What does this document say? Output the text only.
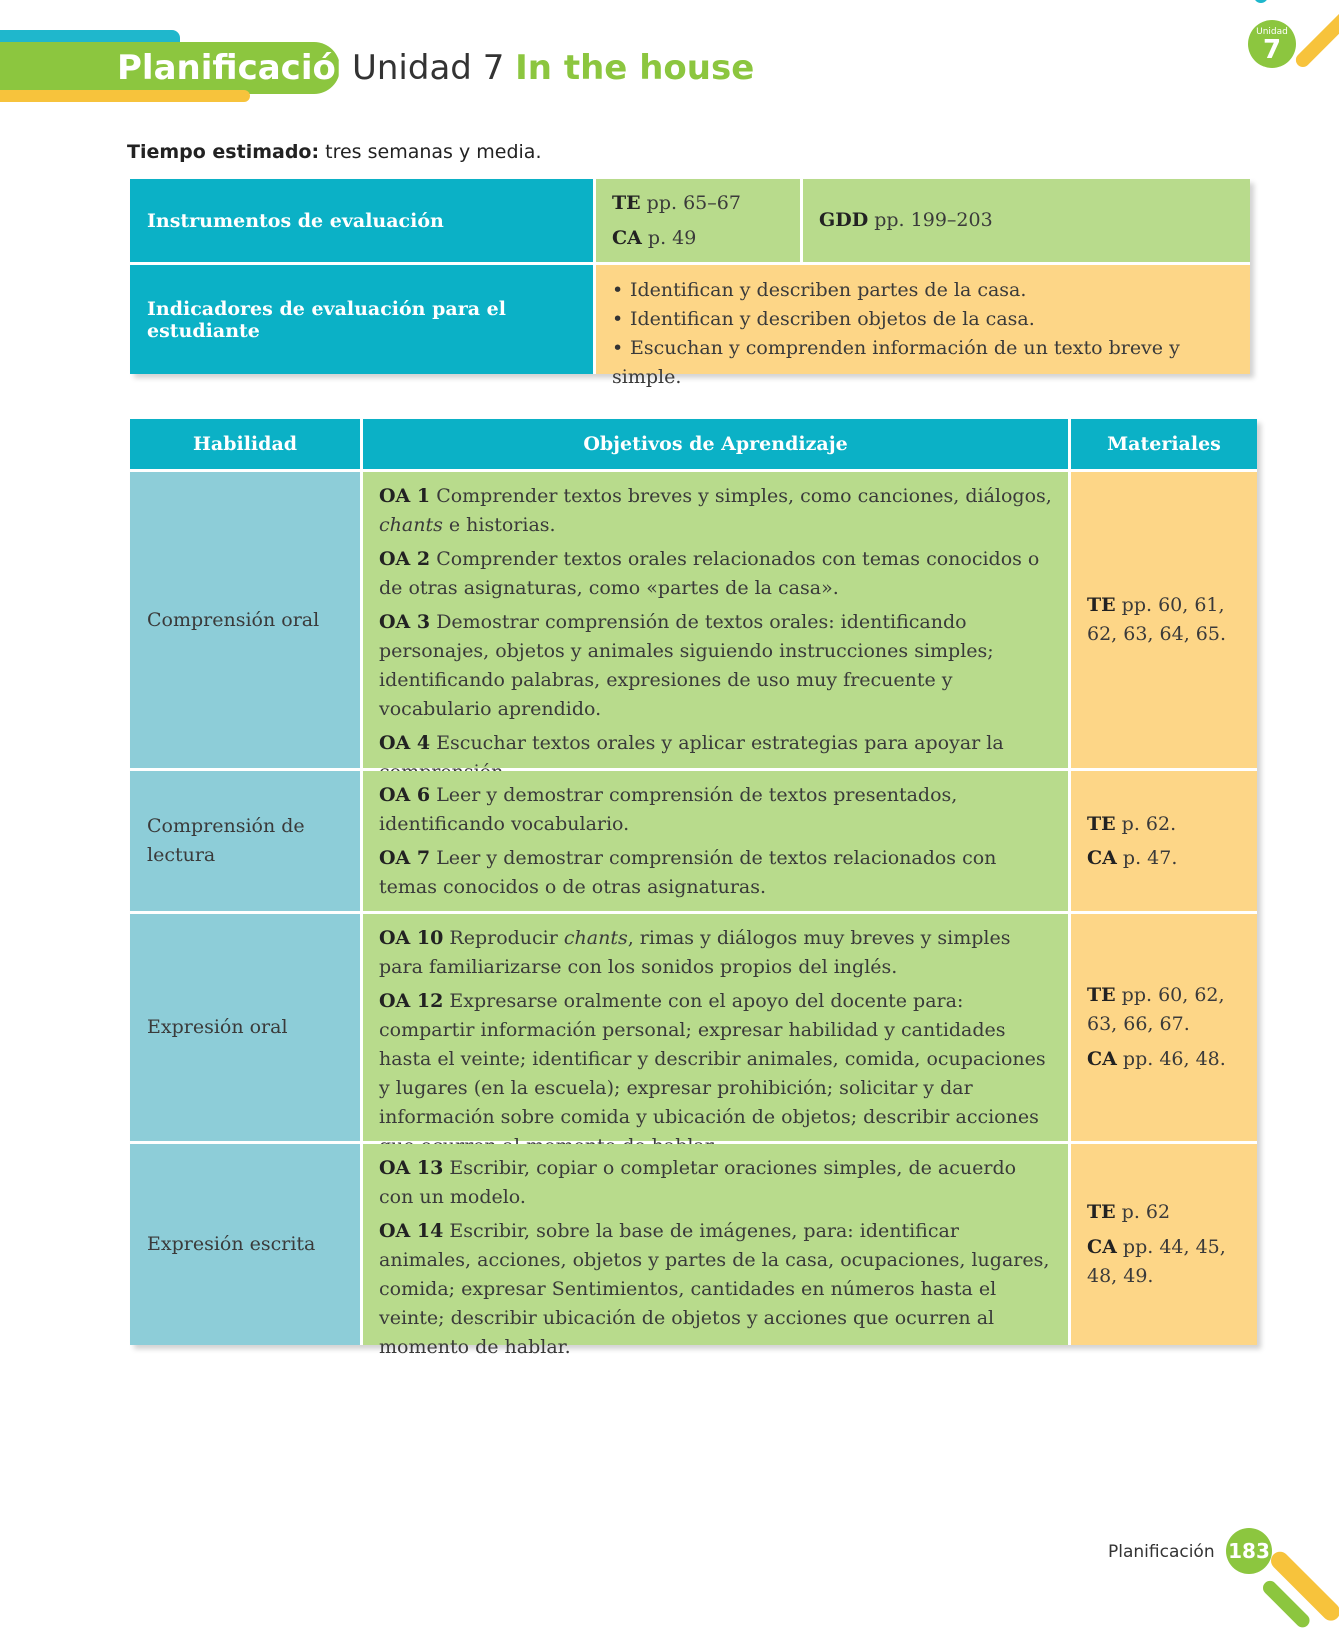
Planificación
Unidad 7 In the house
Unidad
7
Tiempo estimado: tres semanas y media.
Instrumentos de evaluación
TE pp. 65–67
CA p. 49
GDD pp. 199–203
Indicadores de evaluación para el estudiante
• Identifican y describen partes de la casa.
• Identifican y describen objetos de la casa.
• Escuchan y comprenden información de un texto breve y simple.
Habilidad	Objetivos de Aprendizaje	Materiales
Comprensión oral

OA 1 Comprender textos breves y simples, como canciones, diálogos, chants e historias.

OA 2 Comprender textos orales relacionados con temas conocidos o de otras asignaturas, como «partes de la casa».

OA 3 Demostrar comprensión de textos orales: identificando personajes, objetos y animales siguiendo instrucciones simples; identificando palabras, expresiones de uso muy frecuente y vocabulario aprendido.

OA 4 Escuchar textos orales y aplicar estrategias para apoyar la

TE pp. 60, 61, 62, 63, 64, 65.
Comprensión de lectura

OA 6 Leer y demostrar comprensión de textos presentados, identificando vocabulario.

OA 7 Leer y demostrar comprensión de textos relacionados con temas conocidos o de otras asignaturas.

TE p. 62.
CA p. 47.
Expresión oral

OA 10 Reproducir chants, rimas y diálogos muy breves y simples para familiarizarse con los sonidos propios del inglés.

OA 12 Expresarse oralmente con el apoyo del docente para: compartir información personal; expresar habilidad y cantidades hasta el veinte; identificar y describir animales, comida, ocupaciones y lugares (en la escuela); expresar prohibición; solicitar y dar información sobre comida y ubicación de objetos; describir acciones

TE pp. 60, 62, 63, 66, 67.
CA pp. 46, 48.
Expresión escrita

OA 13 Escribir, copiar o completar oraciones simples, de acuerdo con un modelo.

OA 14 Escribir, sobre la base de imágenes, para: identificar animales, acciones, objetos y partes de la casa, ocupaciones, lugares, comida; expresar Sentimientos, cantidades en números hasta el veinte; describir ubicación de objetos y acciones que ocurren al momento de hablar.

TE p. 62
CA pp. 44, 45, 48, 49.
Planificación 183
